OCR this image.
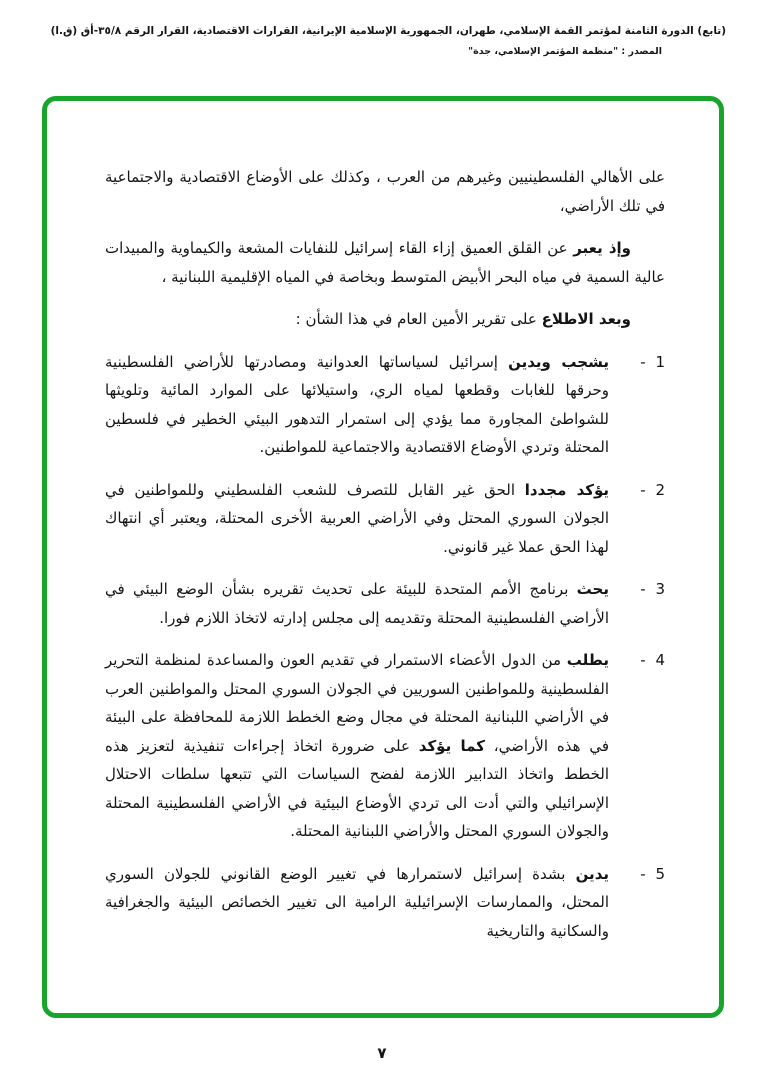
(تابع) الدورة الثامنة لمؤتمر القمة الإسلامي، طهران، الجمهورية الإسلامية الإيرانية، القرارات الاقتصادية، القرار الرقم ٣٥/٨-أق (ق.ا)
المصدر : "منظمة المؤتمر الإسلامي، جدة"

على الأهالي الفلسطينيين وغيرهم من العرب ، وكذلك على الأوضاع الاقتصادية والاجتماعية في تلك الأراضي،

وإذ يعبر عن القلق العميق إزاء القاء إسرائيل للنفايات المشعة والكيماوية والمبيدات عالية السمية في مياه البحر الأبيض المتوسط وبخاصة في المياه الإقليمية اللبنانية ،

وبعد الاطلاع على تقرير الأمين العام في هذا الشأن :

1 -

يشجب ويدين إسرائيل لسياساتها العدوانية ومصادرتها للأراضي الفلسطينية وحرقها للغابات وقطعها لمياه الري، واستيلائها على الموارد المائية وتلويثها للشواطئ المجاورة مما يؤدي إلى استمرار التدهور البيئي الخطير في فلسطين المحتلة وتردي الأوضاع الاقتصادية والاجتماعية للمواطنين.

2 -

يؤكد مجددا الحق غير القابل للتصرف للشعب الفلسطيني وللمواطنين في الجولان السوري المحتل وفي الأراضي العربية الأخرى المحتلة، ويعتبر أي انتهاك لهذا الحق عملا غير قانوني.

3 -

يحث برنامج الأمم المتحدة للبيئة على تحديث تقريره بشأن الوضع البيئي في الأراضي الفلسطينية المحتلة وتقديمه إلى مجلس إدارته لاتخاذ اللازم فورا.

4 -

يطلب من الدول الأعضاء الاستمرار في تقديم العون والمساعدة لمنظمة التحرير الفلسطينية وللمواطنين السوريين في الجولان السوري المحتل والمواطنين العرب في الأراضي اللبنانية المحتلة في مجال وضع الخطط اللازمة للمحافظة على البيئة في هذه الأراضي، كما يؤكد على ضرورة اتخاذ إجراءات تنفيذية لتعزيز هذه الخطط واتخاذ التدابير اللازمة لفضح السياسات التي تتبعها سلطات الاحتلال الإسرائيلي والتي أدت الى تردي الأوضاع البيئية في الأراضي الفلسطينية المحتلة والجولان السوري المحتل والأراضي اللبنانية المحتلة.

5 -

يدين بشدة إسرائيل لاستمرارها في تغيير الوضع القانوني للجولان السوري المحتل، والممارسات الإسرائيلية الرامية الى تغيير الخصائص البيئية والجغرافية والسكانية والتاريخية

٧
